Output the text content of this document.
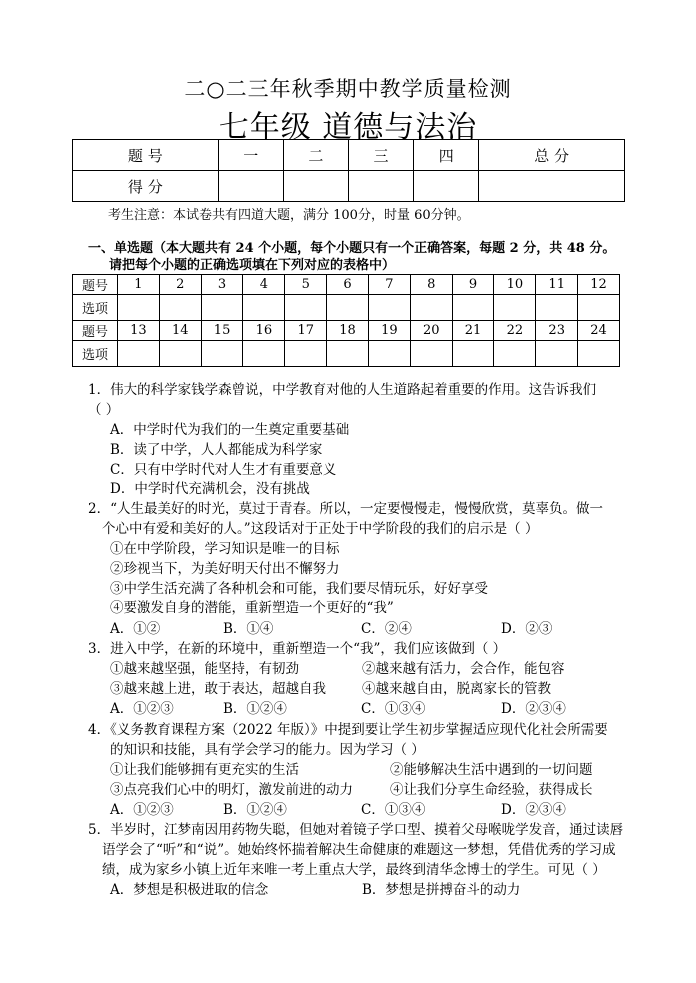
二○二三年秋季期中教学质量检测
七年级 道德与法治
题 号	一	二	三	四	总 分
得 分					
考生注意：本试卷共有四道大题，满分 100分，时量 60分钟。
一、单选题（本大题共有 24 个小题，每个小题只有一个正确答案，每题 2 分，共 48 分。
请把每个小题的正确选项填在下列对应的表格中）
题号	1	2	3	4	5	6	7	8	9	10	11	12
选项												
题号	13	14	15	16	17	18	19	20	21	22	23	24
选项												
1．伟大的科学家钱学森曾说，中学教育对他的人生道路起着重要的作用。这告诉我们
（ ）
A．中学时代为我们的一生奠定重要基础
B．读了中学，人人都能成为科学家
C．只有中学时代对人生才有重要意义
D．中学时代充满机会，没有挑战
2．“人生最美好的时光，莫过于青春。所以，一定要慢慢走，慢慢欣赏，莫辜负。做一
个心中有爱和美好的人。”这段话对于正处于中学阶段的我们的启示是（ ）
①在中学阶段，学习知识是唯一的目标
②珍视当下，为美好明天付出不懈努力
③中学生活充满了各种机会和可能，我们要尽情玩乐，好好享受
④要激发自身的潜能，重新塑造一个更好的“我”
A．①②	B．①④	C．②④	D．②③
3．进入中学，在新的环境中，重新塑造一个“我”，我们应该做到（ ）
①越来越坚强，能坚持，有韧劲	②越来越有活力，会合作，能包容
③越来越上进，敢于表达，超越自我	④越来越自由，脱离家长的管教
A．①②③	B．①②④	C．①③④	D．②③④
4．《义务教育课程方案（2022 年版）》中提到要让学生初步掌握适应现代化社会所需要
的知识和技能，具有学会学习的能力。因为学习（ ）
①让我们能够拥有更充实的生活	②能够解决生活中遇到的一切问题
③点亮我们心中的明灯，激发前进的动力	④让我们分享生命经验，获得成长
A．①②③	B．①②④	C．①③④	D．②③④
5．半岁时，江梦南因用药物失聪，但她对着镜子学口型、摸着父母喉咙学发音，通过读唇
语学会了“听”和“说”。她始终怀揣着解决生命健康的难题这一梦想，凭借优秀的学习成
绩，成为家乡小镇上近年来唯一考上重点大学，最终到清华念博士的学生。可见（ ）
A．梦想是积极进取的信念	B．梦想是拼搏奋斗的动力
